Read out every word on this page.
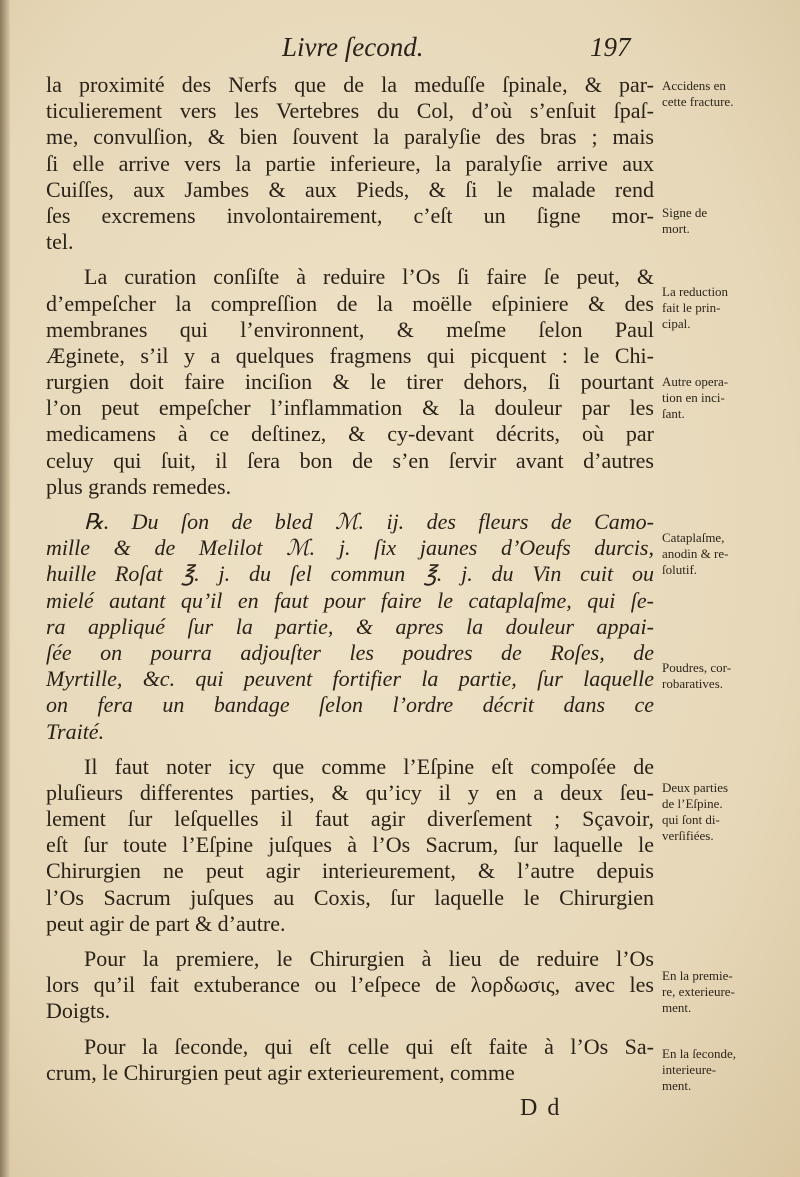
Livre ſecond.	197
la proximité des Nerfs que de la meduſſe ſpinale, & par-
ticulierement vers les Vertebres du Col, d’où s’enſuit ſpaſ-
me, convulſion, & bien ſouvent la paralyſie des bras ; mais
ſi elle arrive vers la partie inferieure, la paralyſie arrive aux
Cuiſſes, aux Jambes & aux Pieds, & ſi le malade rend
ſes excremens involontairement, c’eſt un ſigne mor-
tel.
La curation conſiſte à reduire l’Os ſi faire ſe peut, &
d’empeſcher la compreſſion de la moëlle eſpiniere & des
membranes qui l’environnent, & meſme ſelon Paul
Æginete, s’il y a quelques fragmens qui picquent : le Chi-
rurgien doit faire inciſion & le tirer dehors, ſi pourtant
l’on peut empeſcher l’inflammation & la douleur par les
medicamens à ce deſtinez, & cy-devant décrits, où par
celuy qui ſuit, il ſera bon de s’en ſervir avant d’autres
plus grands remedes.
℞. Du ſon de bled ℳ. ij. des fleurs de Camo-
mille & de Melilot ℳ. j. ſix jaunes d’Oeufs durcis,
huille Roſat ℥. j. du ſel commun ℥. j. du Vin cuit ou
mielé autant qu’il en faut pour faire le cataplaſme, qui ſe-
ra appliqué ſur la partie, & apres la douleur appai-
ſée on pourra adjouſter les poudres de Roſes, de
Myrtille, &c. qui peuvent fortifier la partie, ſur laquelle
on fera un bandage ſelon l’ordre décrit dans ce
Traité.
Il faut noter icy que comme l’Eſpine eſt compoſée de
pluſieurs differentes parties, & qu’icy il y en a deux ſeu-
lement ſur leſquelles il faut agir diverſement ; Sçavoir,
eſt ſur toute l’Eſpine juſques à l’Os Sacrum, ſur laquelle le
Chirurgien ne peut agir interieurement, & l’autre depuis
l’Os Sacrum juſques au Coxis, ſur laquelle le Chirurgien
peut agir de part & d’autre.
Pour la premiere, le Chirurgien à lieu de reduire l’Os
lors qu’il fait extuberance ou l’eſpece de λορδωσις, avec les
Doigts.
Pour la ſeconde, qui eſt celle qui eſt faite à l’Os Sa-
crum, le Chirurgien peut agir exterieurement, comme
Accidens en
cette fracture.
Signe de
mort.
La reduction
fait le prin-
cipal.
Autre opera-
tion en inci-
ſant.
Cataplaſme,
anodin & re-
ſolutif.
Poudres, cor-
robaratives.
Deux parties
de l’Eſpine.
qui ſont di-
verſifiées.
En la premie-
re, exterieure-
ment.
En la ſeconde,
interieure-
ment.
D d
